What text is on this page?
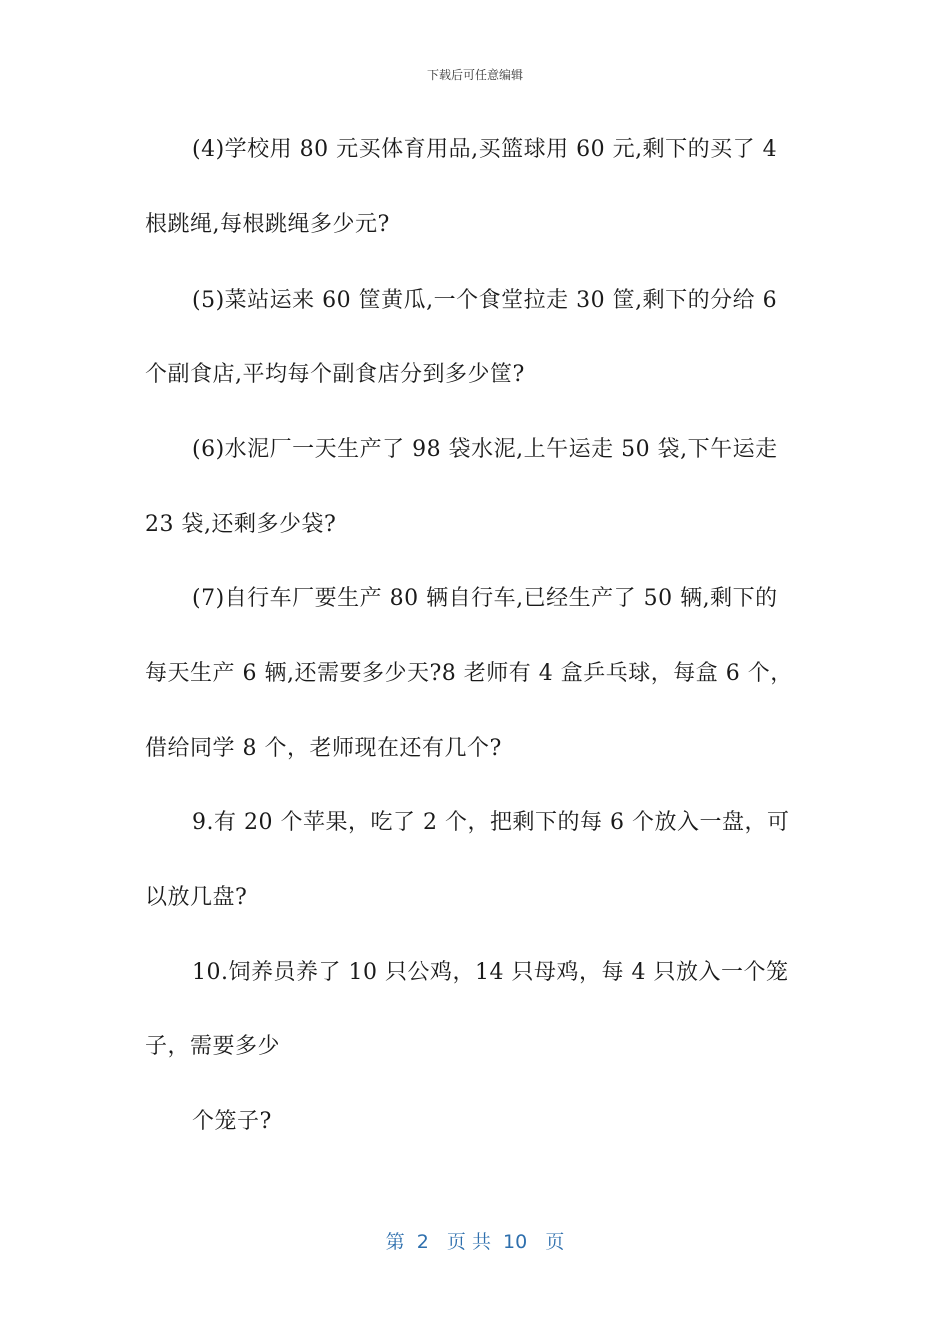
下载后可任意编辑
(4)学校用 80 元买体育用品,买篮球用 60 元,剩下的买了 4
根跳绳,每根跳绳多少元?
(5)菜站运来 60 筐黄瓜,一个食堂拉走 30 筐,剩下的分给 6
个副食店,平均每个副食店分到多少筐?
(6)水泥厂一天生产了 98 袋水泥,上午运走 50 袋,下午运走
23 袋,还剩多少袋?
(7)自行车厂要生产 80 辆自行车,已经生产了 50 辆,剩下的
每天生产 6 辆,还需要多少天?8 老师有 4 盒乒乓球，每盒 6 个，
借给同学 8 个，老师现在还有几个?
9.有 20 个苹果，吃了 2 个，把剩下的每 6 个放入一盘，可
以放几盘?
10.饲养员养了 10 只公鸡，14 只母鸡，每 4 只放入一个笼
子，需要多少
个笼子?
第  2   页 共  10   页
